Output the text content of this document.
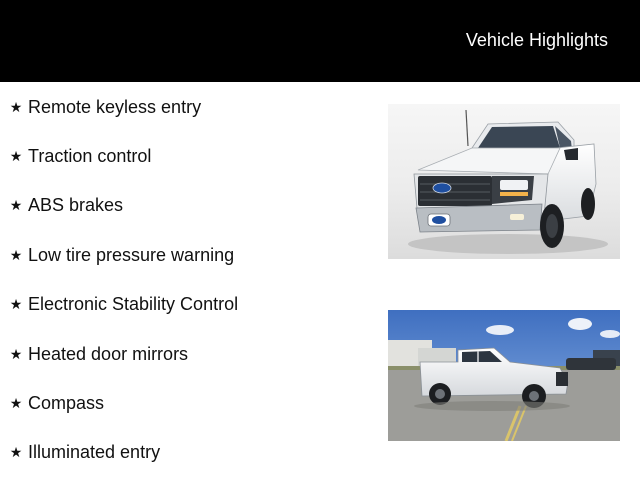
Vehicle Highlights
★ Remote keyless entry
★ Traction control
★ ABS brakes
★ Low tire pressure warning
★ Electronic Stability Control
★ Heated door mirrors
★ Compass
★ Illuminated entry
